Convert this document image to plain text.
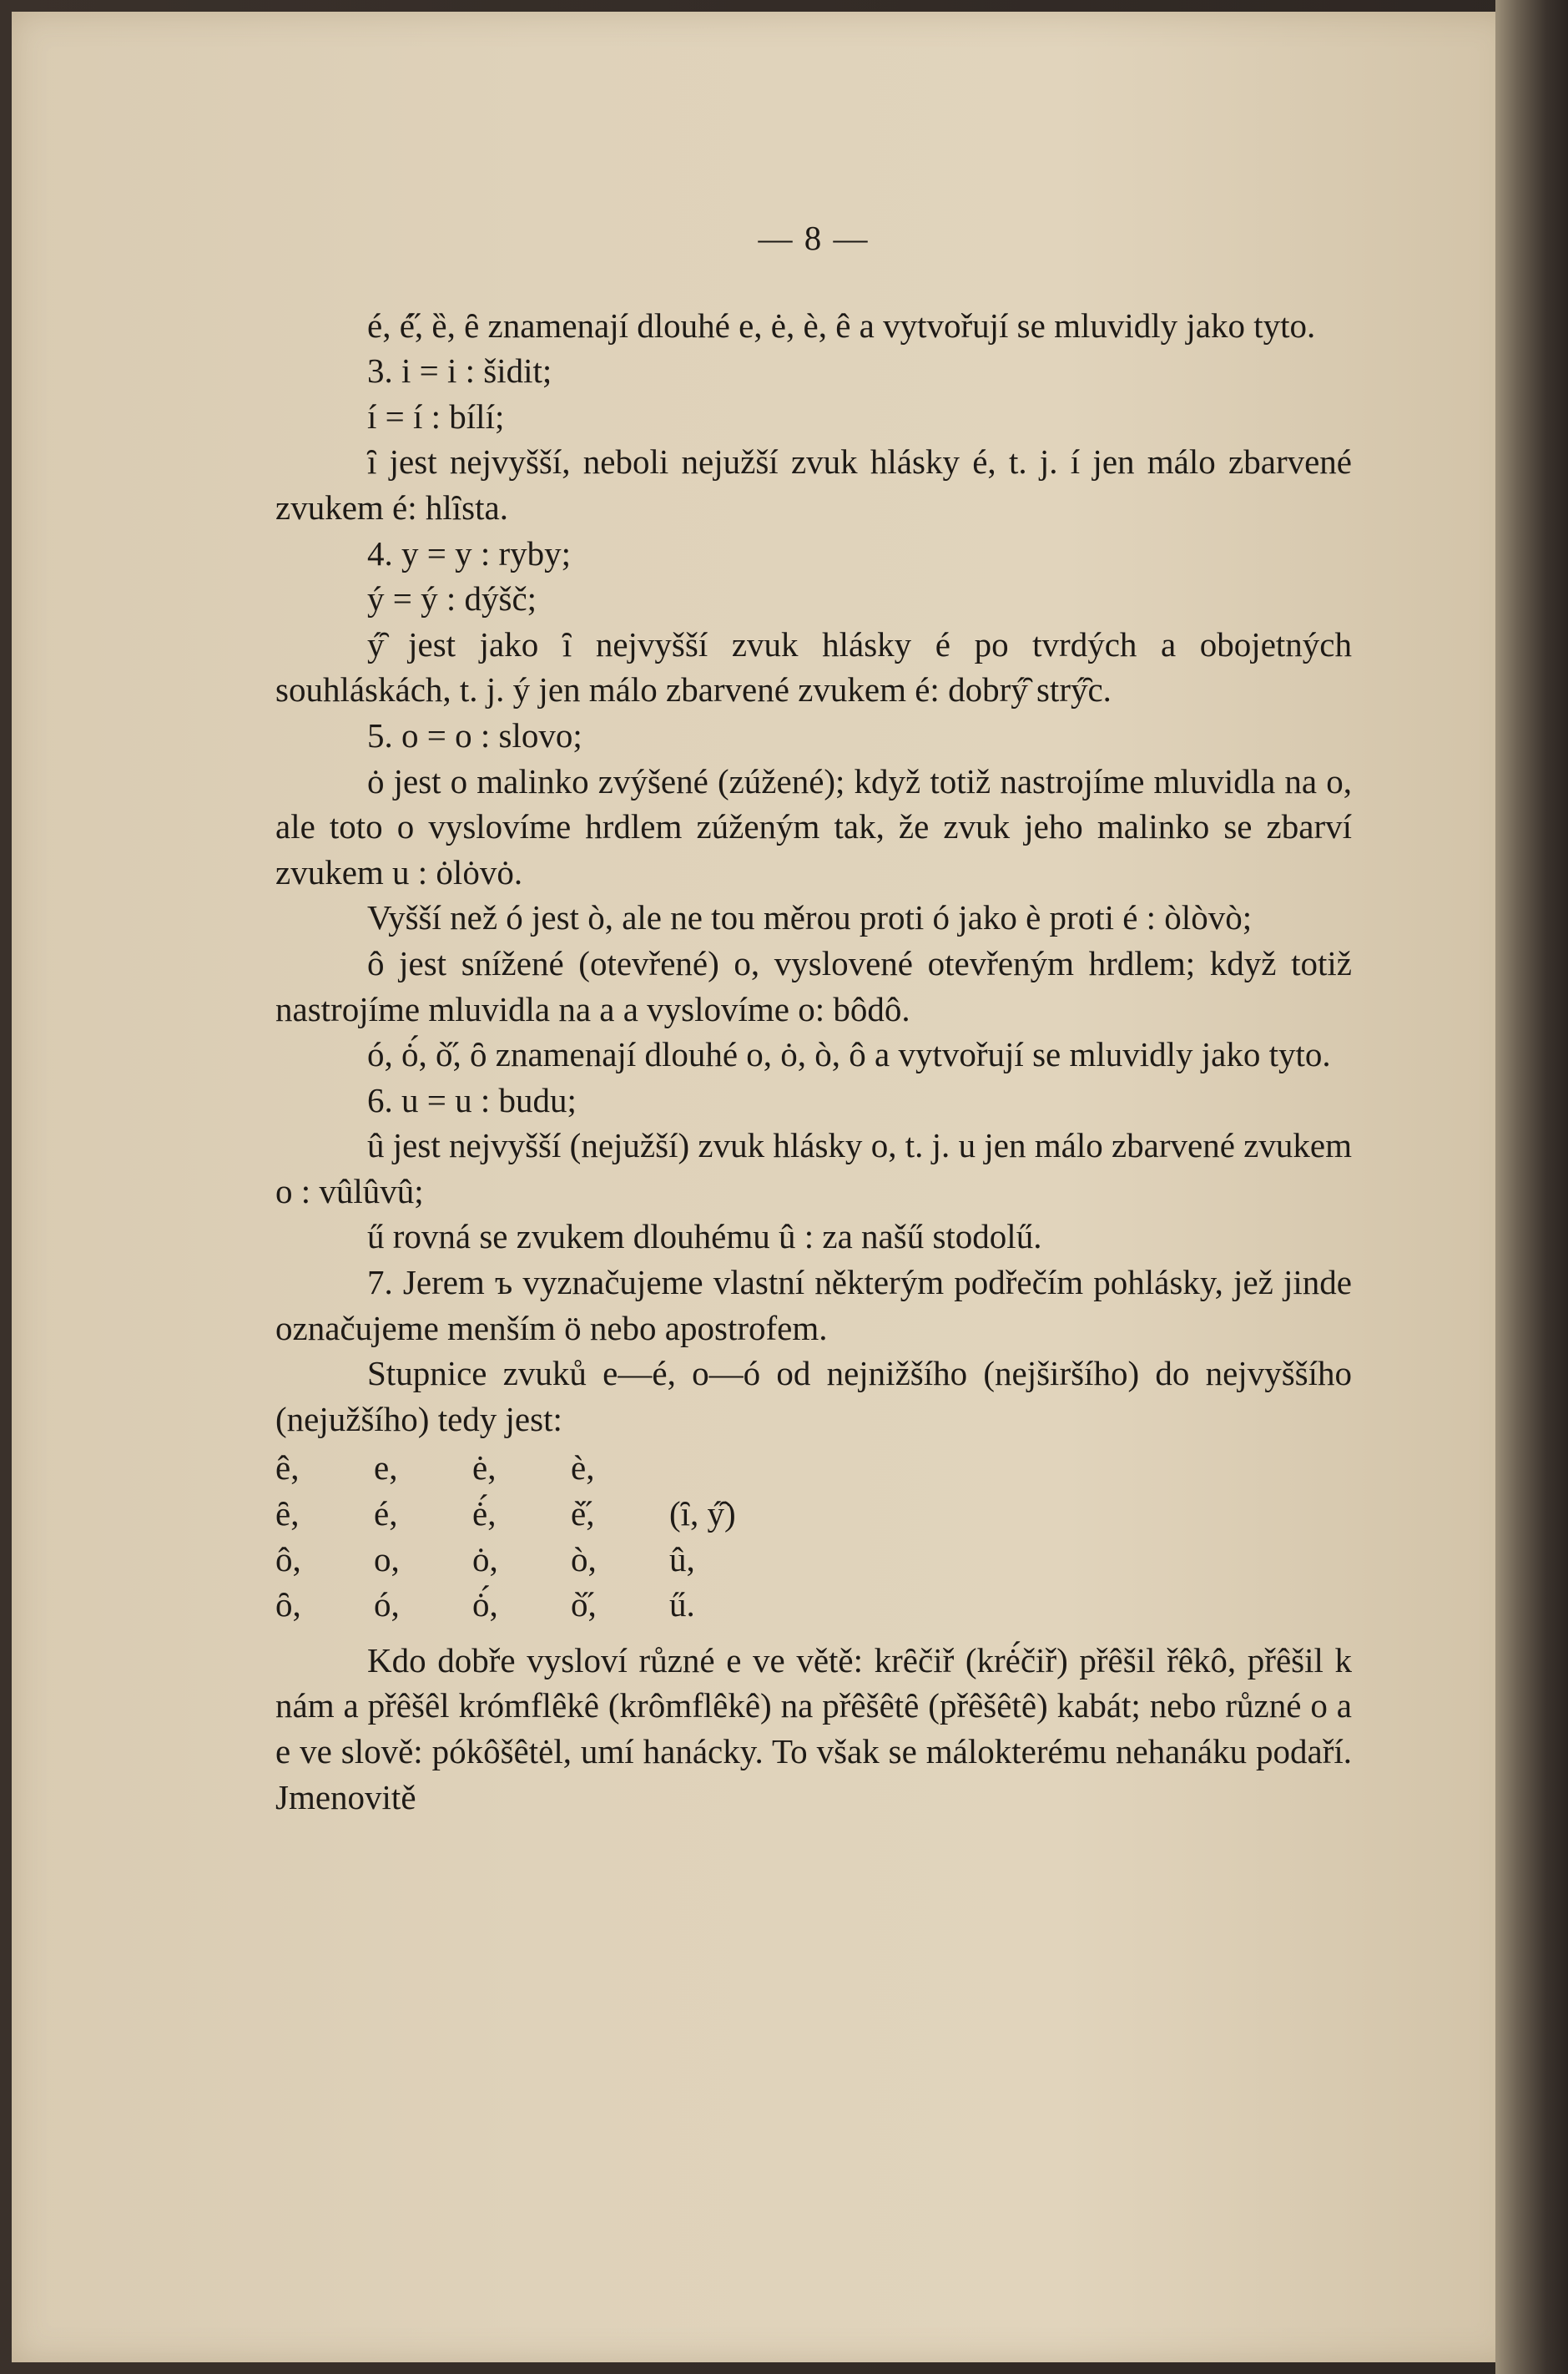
— 8 —

é, é̋, ȅ, ȇ znamenají dlouhé e, ė, è, ê a vytvořují se mluvidly jako tyto.

3. i = i : šidit;

í = í : bílí;

ȋ jest nejvyšší, neboli nejužší zvuk hlásky é, t. j. í jen málo zbarvené zvukem é: hlȋsta.

4. y = y : ryby;

ý = ý : dýšč;

ý̑ jest jako ȋ nejvyšší zvuk hlásky é po tvrdých a obojetných souhláskách, t. j. ý jen málo zbarvené zvukem é: dobrý̑ strý̑c.

5. o = o : slovo;

ȯ jest o malinko zvýšené (zúžené); když totiž nastrojíme mluvidla na o, ale toto o vyslovíme hrdlem zúženým tak, že zvuk jeho malinko se zbarví zvukem u : ȯlȯvȯ.

Vyšší než ó jest ò, ale ne tou měrou proti ó jako è proti é : òlòvò;

ô jest snížené (otevřené) o, vyslovené otevřeným hrdlem; když totiž nastrojíme mluvidla na a a vyslovíme o: bôdô.

ó, ȯ́, ò̋, ȏ znamenají dlouhé o, ȯ, ò, ô a vytvořují se mluvidly jako tyto.

6. u = u : budu;

û jest nejvyšší (nejužší) zvuk hlásky o, t. j. u jen málo zbarvené zvukem o : vûlûvû;

ű rovná se zvukem dlouhému û : za našű stodolű.

7. Jerem ъ vyznačujeme vlastní některým podřečím pohlásky, jež jinde označujeme menším ö nebo apostrofem.

Stupnice zvuků e—é, o—ó od nejnižšího (nejširšího) do nejvyššího (nejužšího) tedy jest:

ê,	e,	ė,	è,	
ȇ,	é,	ė́,	è̋,	(ȋ, ý̑)
ô,	o,	ȯ,	ò,	û,
ȏ,	ó,	ȯ́,	ò̋,	ű.

Kdo dobře vysloví různé e ve větě: krȇčiř (krė́čiř) přêšil řêkô, přêšil k nám a přêšêl krómflêkê (krômflêkê) na přêšêtȇ (přêšêtê) kabát; nebo různé o a e ve slově: pókôšêtėl, umí hanácky. To však se málokterému nehanáku podaří. Jmenovitě
